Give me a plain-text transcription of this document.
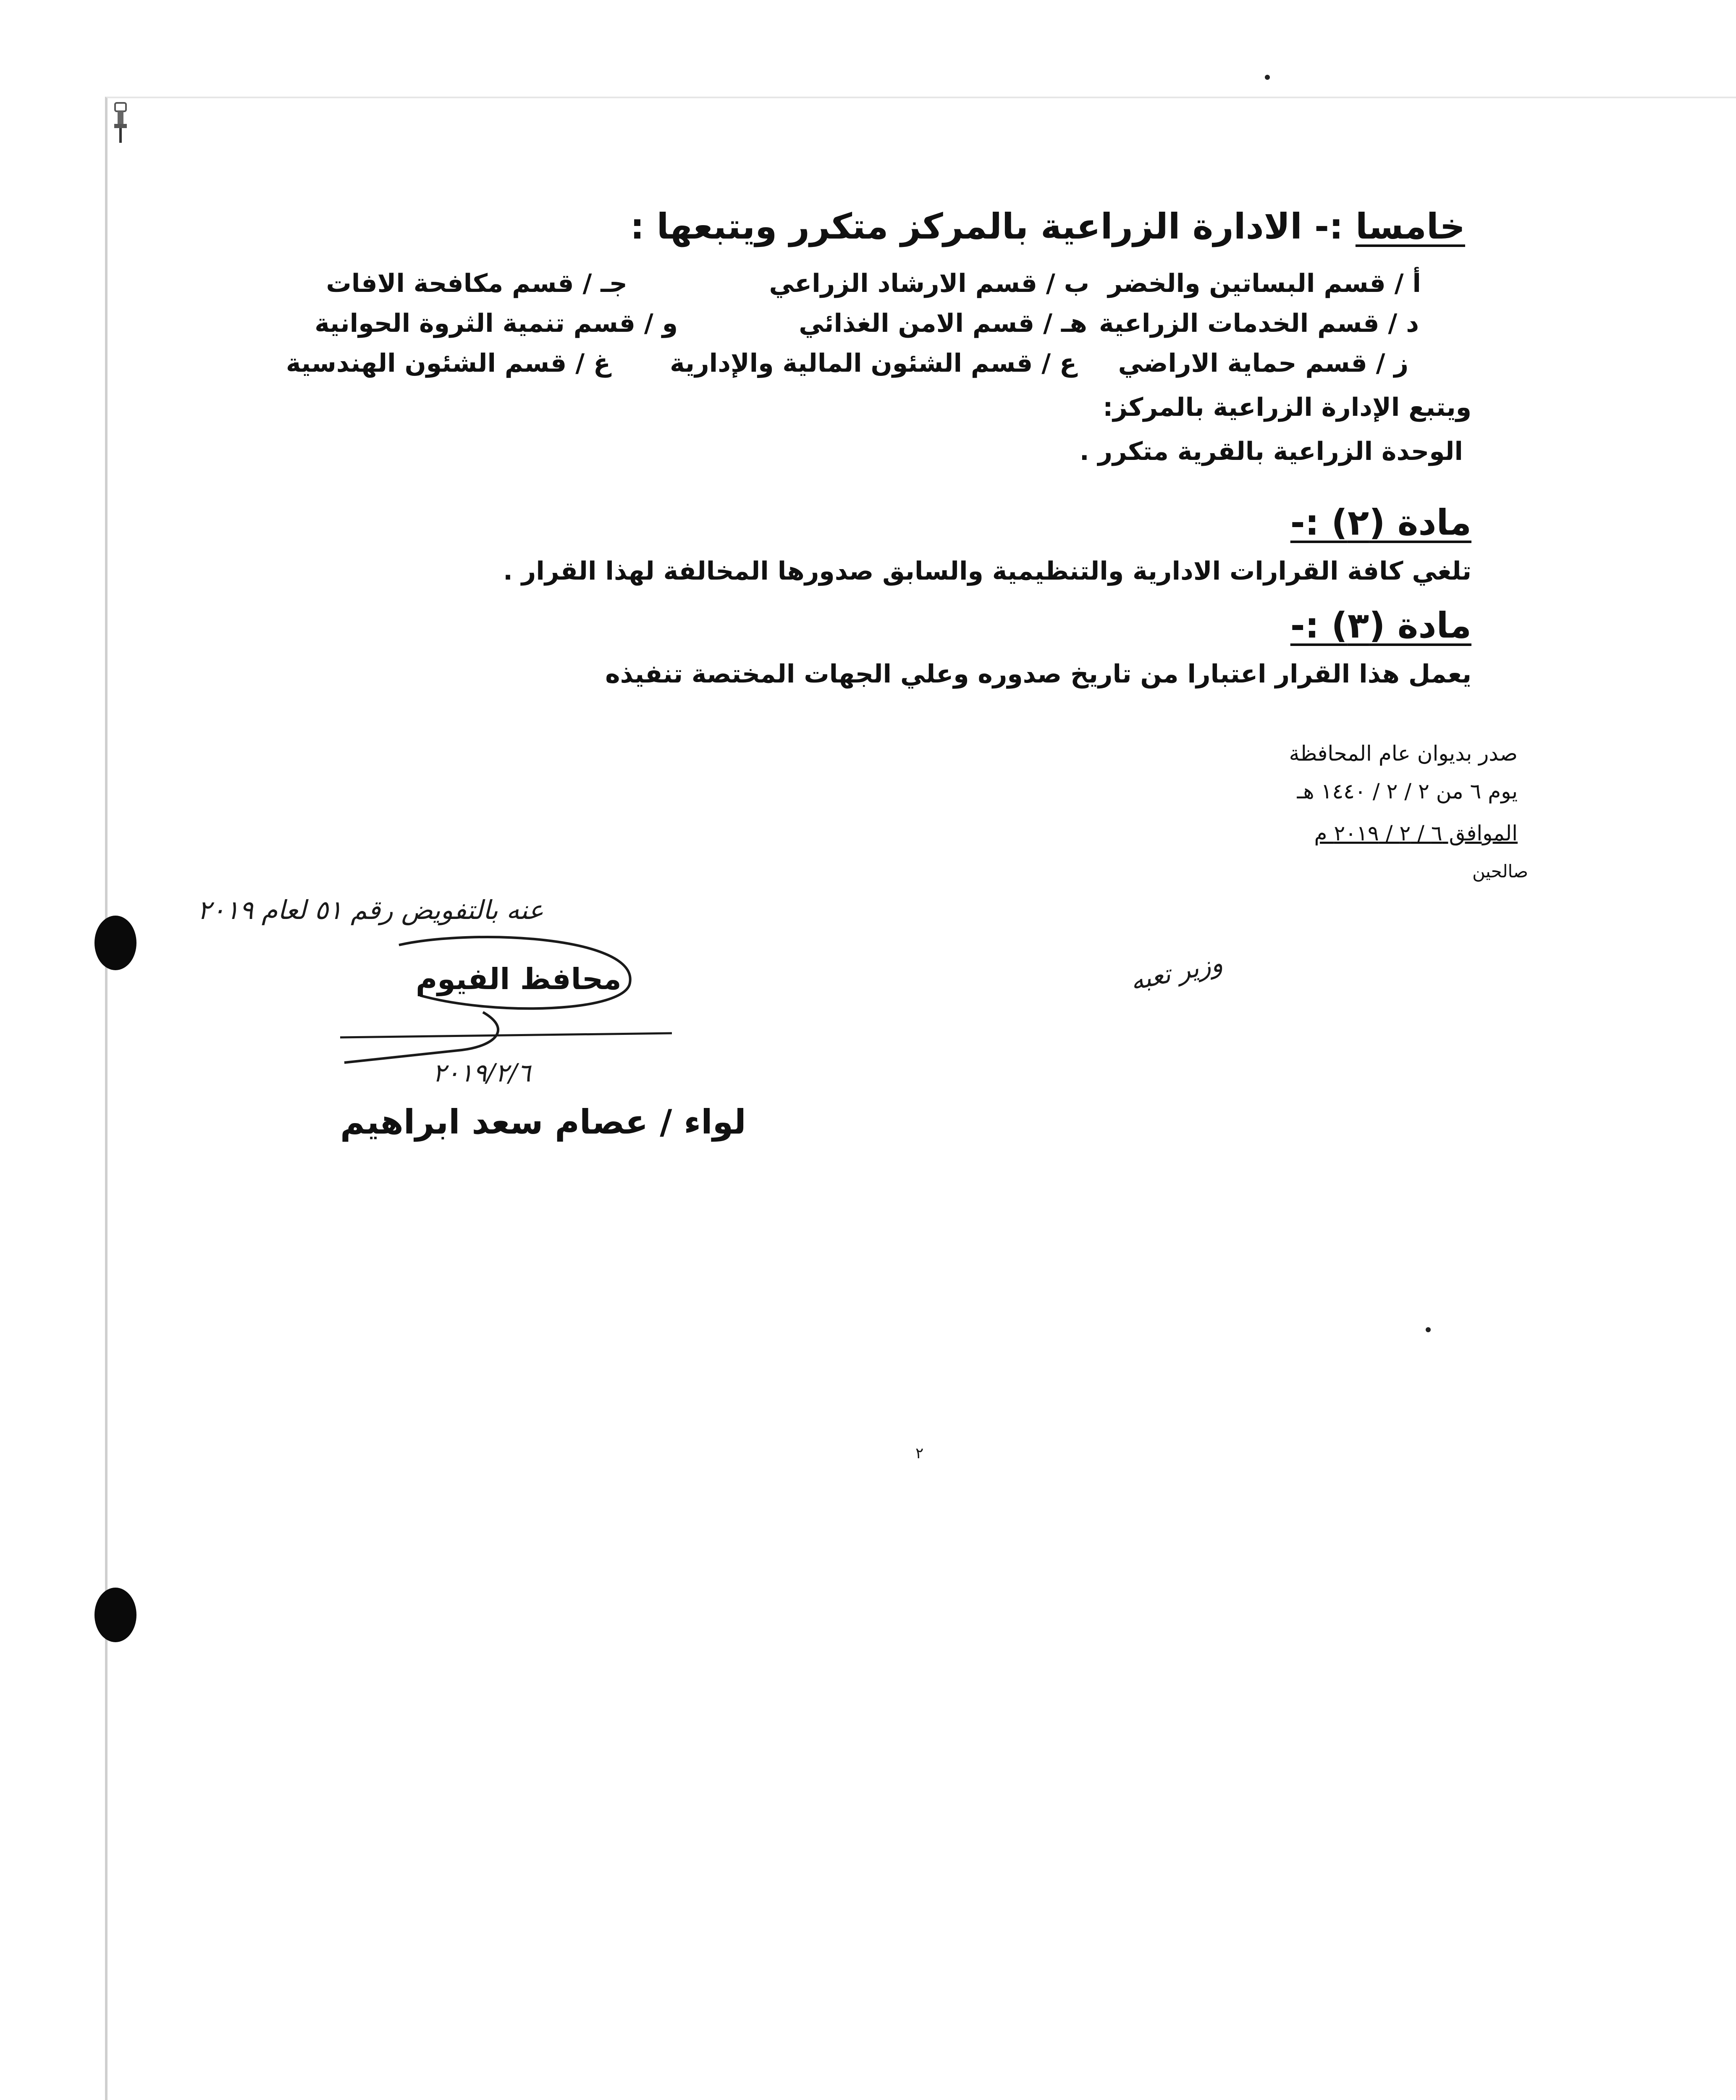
خامسا :- الادارة الزراعية بالمركز متكرر ويتبعها :
أ / قسم البساتين والخضر
ب / قسم الارشاد الزراعي
جـ / قسم مكافحة الافات
د / قسم الخدمات الزراعية
هـ / قسم الامن الغذائي
و / قسم تنمية الثروة الحوانية
ز / قسم حماية الاراضي
ع / قسم الشئون المالية والإدارية
غ / قسم الشئون الهندسية
ويتبع الإدارة الزراعية بالمركز:
الوحدة الزراعية بالقرية متكرر .
مادة (٢) :-
تلغي كافة القرارات الادارية والتنظيمية والسابق صدورها المخالفة لهذا القرار .
مادة (٣) :-
يعمل هذا القرار اعتبارا من تاريخ صدوره وعلي الجهات المختصة تنفيذه
صدر بديوان عام المحافظة
يوم ٦ من ٢ / ٢ / ١٤٤٠ هـ
الموافق ٦ / ٢ / ٢٠١٩ م
صالحين
عنه بالتفويض رقم ٥١ لعام ٢٠١٩
محافظ الفيوم
٢٠١٩/٢/٦
لواء / عصام سعد ابراهيم
وزير تعبه
٢
